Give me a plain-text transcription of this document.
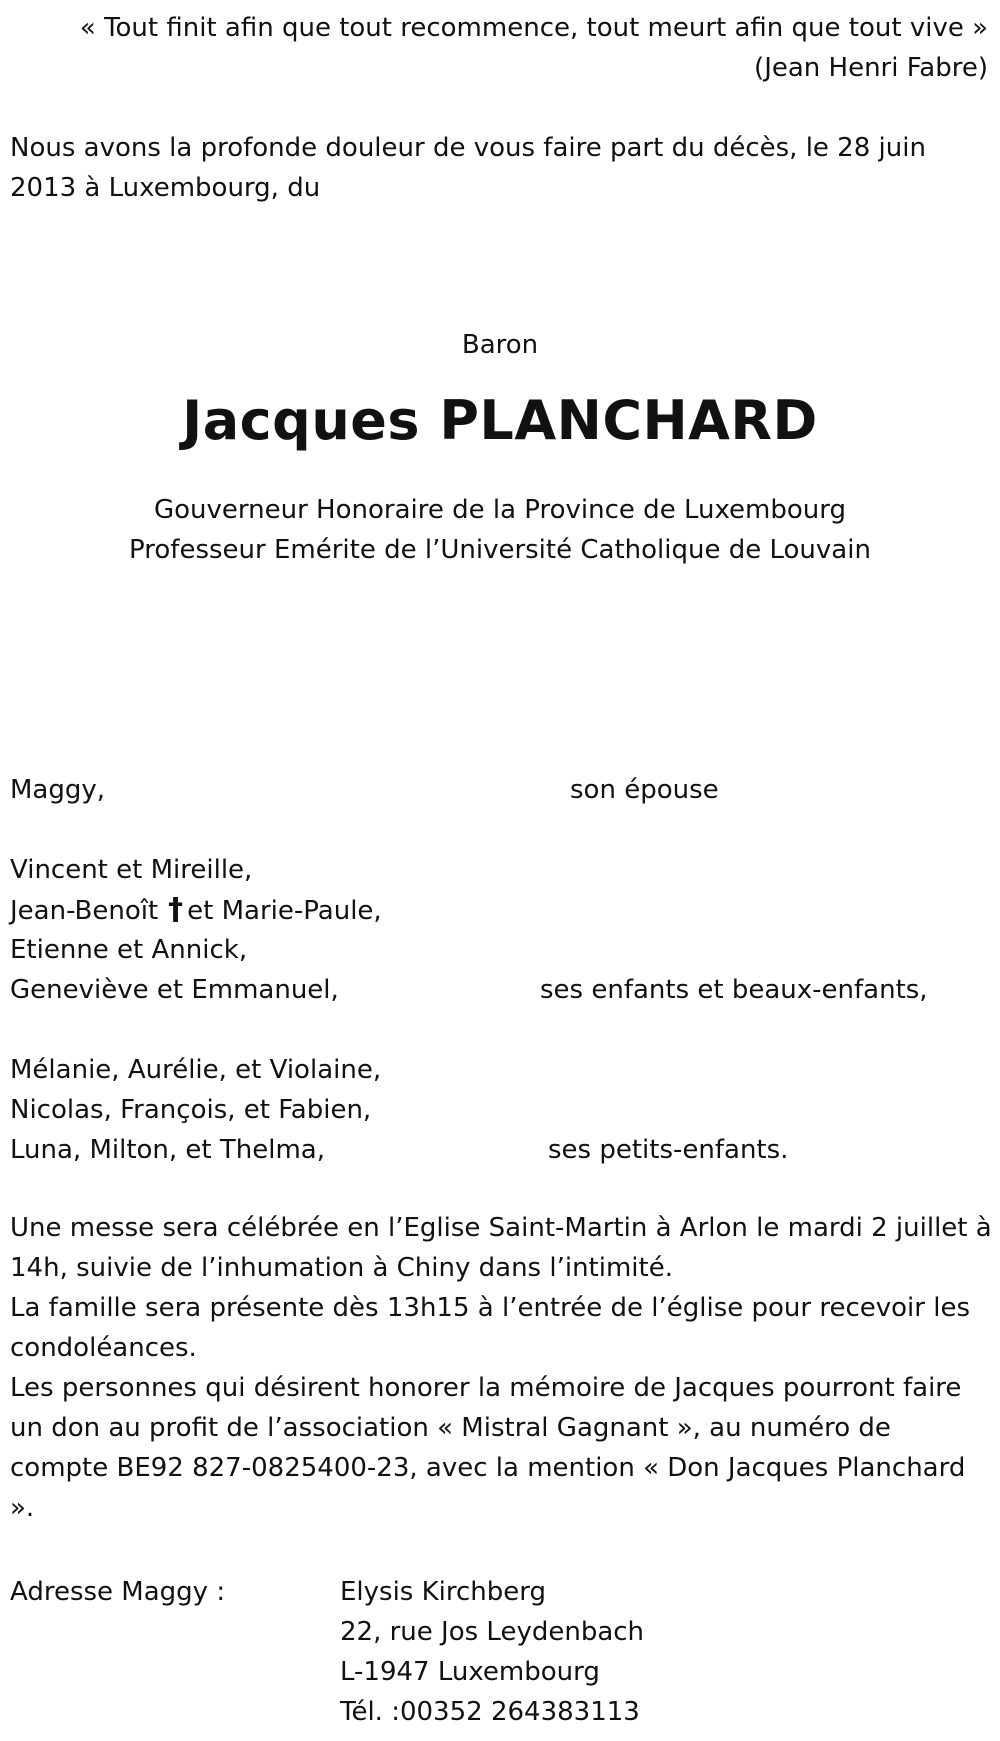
« Tout finit afin que tout recommence, tout meurt afin que tout vive »
(Jean Henri Fabre)
Nous avons la profonde douleur de vous faire part du décès, le 28 juin 2013 à Luxembourg, du
Baron
Jacques PLANCHARD
Gouverneur Honoraire de la Province de Luxembourg
Professeur Emérite de l’Université Catholique de Louvain
Maggy,	son épouse
Vincent et Mireille,
Jean-Benoît † et Marie-Paule,
Etienne et Annick,
Geneviève et Emmanuel,	ses enfants et beaux-enfants,
Mélanie, Aurélie, et Violaine,
Nicolas, François, et Fabien,
Luna, Milton, et Thelma,	ses petits-enfants.

Une messe sera célébrée en l’Eglise Saint-Martin à Arlon le mardi 2 juillet à 14h, suivie de l’inhumation à Chiny dans l’intimité.

La famille sera présente dès 13h15 à l’entrée de l’église pour recevoir les condoléances.

Les personnes qui désirent honorer la mémoire de Jacques pourront faire un don au profit de l’association « Mistral Gagnant », au numéro de compte BE92 827-0825400-23, avec la mention « Don Jacques Planchard ».

Adresse Maggy :	Elysis Kirchberg
22, rue Jos Leydenbach
L-1947 Luxembourg
Tél. :00352 264383113
